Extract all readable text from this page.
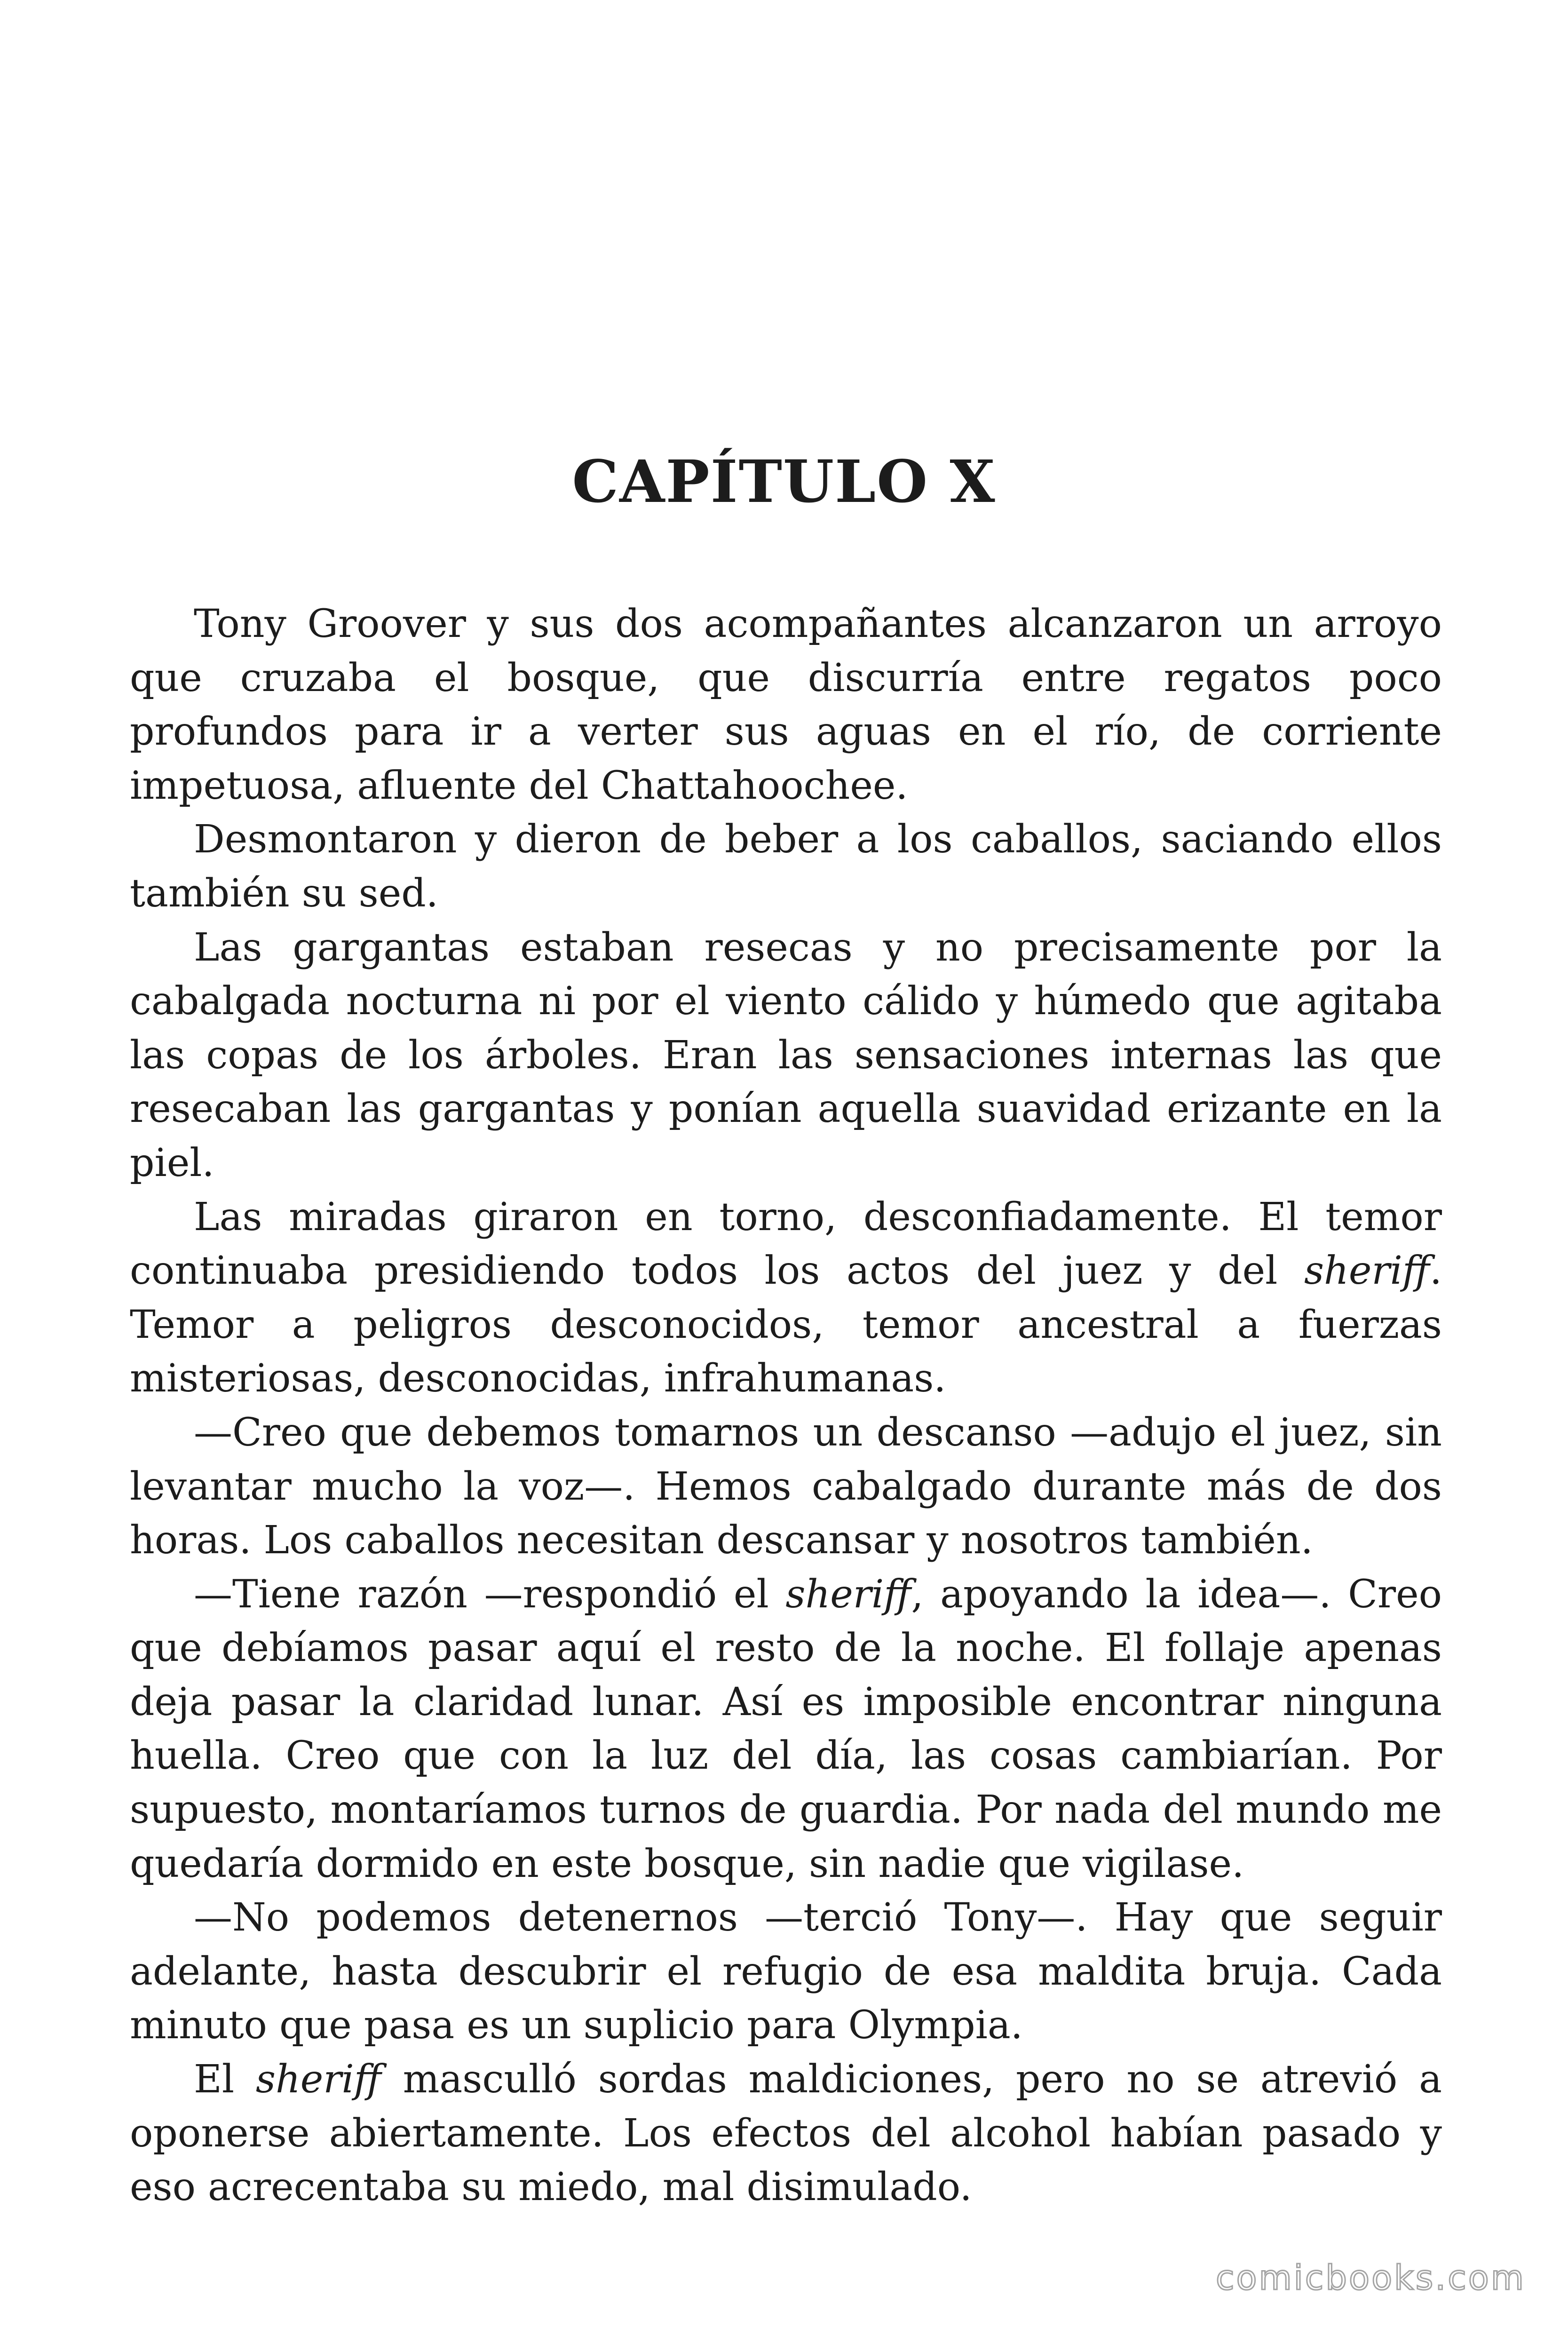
CAPÍTULO X

Tony Groover y sus dos acompañantes alcanzaron un arroyo que cruzaba el bosque, que discurría entre regatos poco profundos para ir a verter sus aguas en el río, de corriente impetuosa, afluente del Chattahoochee.

Desmontaron y dieron de beber a los caballos, saciando ellos también su sed.

Las gargantas estaban resecas y no precisamente por la cabalgada nocturna ni por el viento cálido y húmedo que agitaba las copas de los árboles. Eran las sensaciones internas las que resecaban las gargantas y ponían aquella suavidad erizante en la piel.

Las miradas giraron en torno, desconfiadamente. El temor continuaba presidiendo todos los actos del juez y del sheriff. Temor a peligros desconocidos, temor ancestral a fuerzas misteriosas, desconocidas, infrahumanas.

—Creo que debemos tomarnos un descanso —adujo el juez, sin levantar mucho la voz—. Hemos cabalgado durante más de dos horas. Los caballos necesitan descansar y nosotros también.

—Tiene razón —respondió el sheriff, apoyando la idea—. Creo que debíamos pasar aquí el resto de la noche. El follaje apenas deja pasar la claridad lunar. Así es imposible encontrar ninguna huella. Creo que con la luz del día, las cosas cambiarían. Por supuesto, montaríamos turnos de guardia. Por nada del mundo me quedaría dormido en este bosque, sin nadie que vigilase.

—No podemos detenernos —terció Tony—. Hay que seguir adelante, hasta descubrir el refugio de esa maldita bruja. Cada minuto que pasa es un suplicio para Olympia.

El sheriff masculló sordas maldiciones, pero no se atrevió a oponerse abiertamente. Los efectos del alcohol habían pasado y eso acrecentaba su miedo, mal disimulado.

comicbooks.com
